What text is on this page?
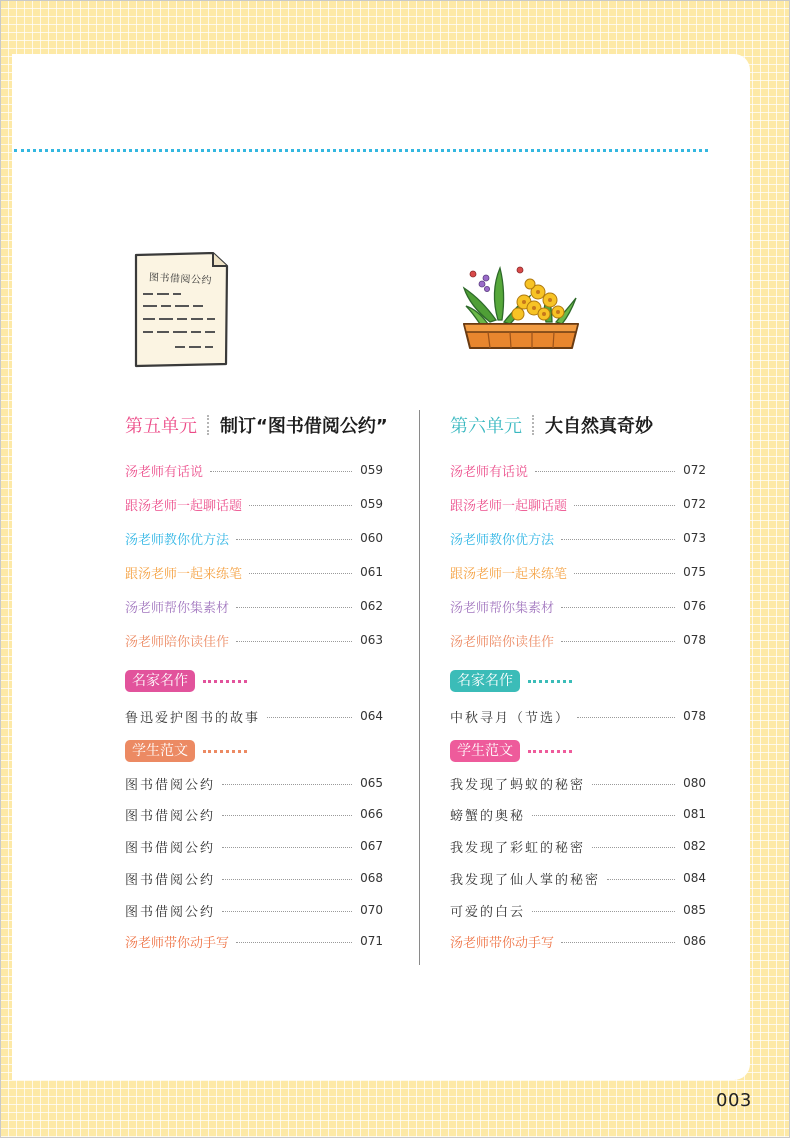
图书借阅公约
第五单元 制订“图书借阅公约”
汤老师有话说	059
跟汤老师一起聊话题	059
汤老师教你优方法	060
跟汤老师一起来练笔	061
汤老师帮你集素材	062
汤老师陪你读佳作	063
名家名作
鲁迅爱护图书的故事	064
学生范文
图书借阅公约	065
图书借阅公约	066
图书借阅公约	067
图书借阅公约	068
图书借阅公约	070
汤老师带你动手写	071
第六单元 大自然真奇妙
汤老师有话说	072
跟汤老师一起聊话题	072
汤老师教你优方法	073
跟汤老师一起来练笔	075
汤老师帮你集素材	076
汤老师陪你读佳作	078
名家名作
中秋寻月（节选）	078
学生范文
我发现了蚂蚁的秘密	080
螃蟹的奥秘	081
我发现了彩虹的秘密	082
我发现了仙人掌的秘密	084
可爱的白云	085
汤老师带你动手写	086
003
